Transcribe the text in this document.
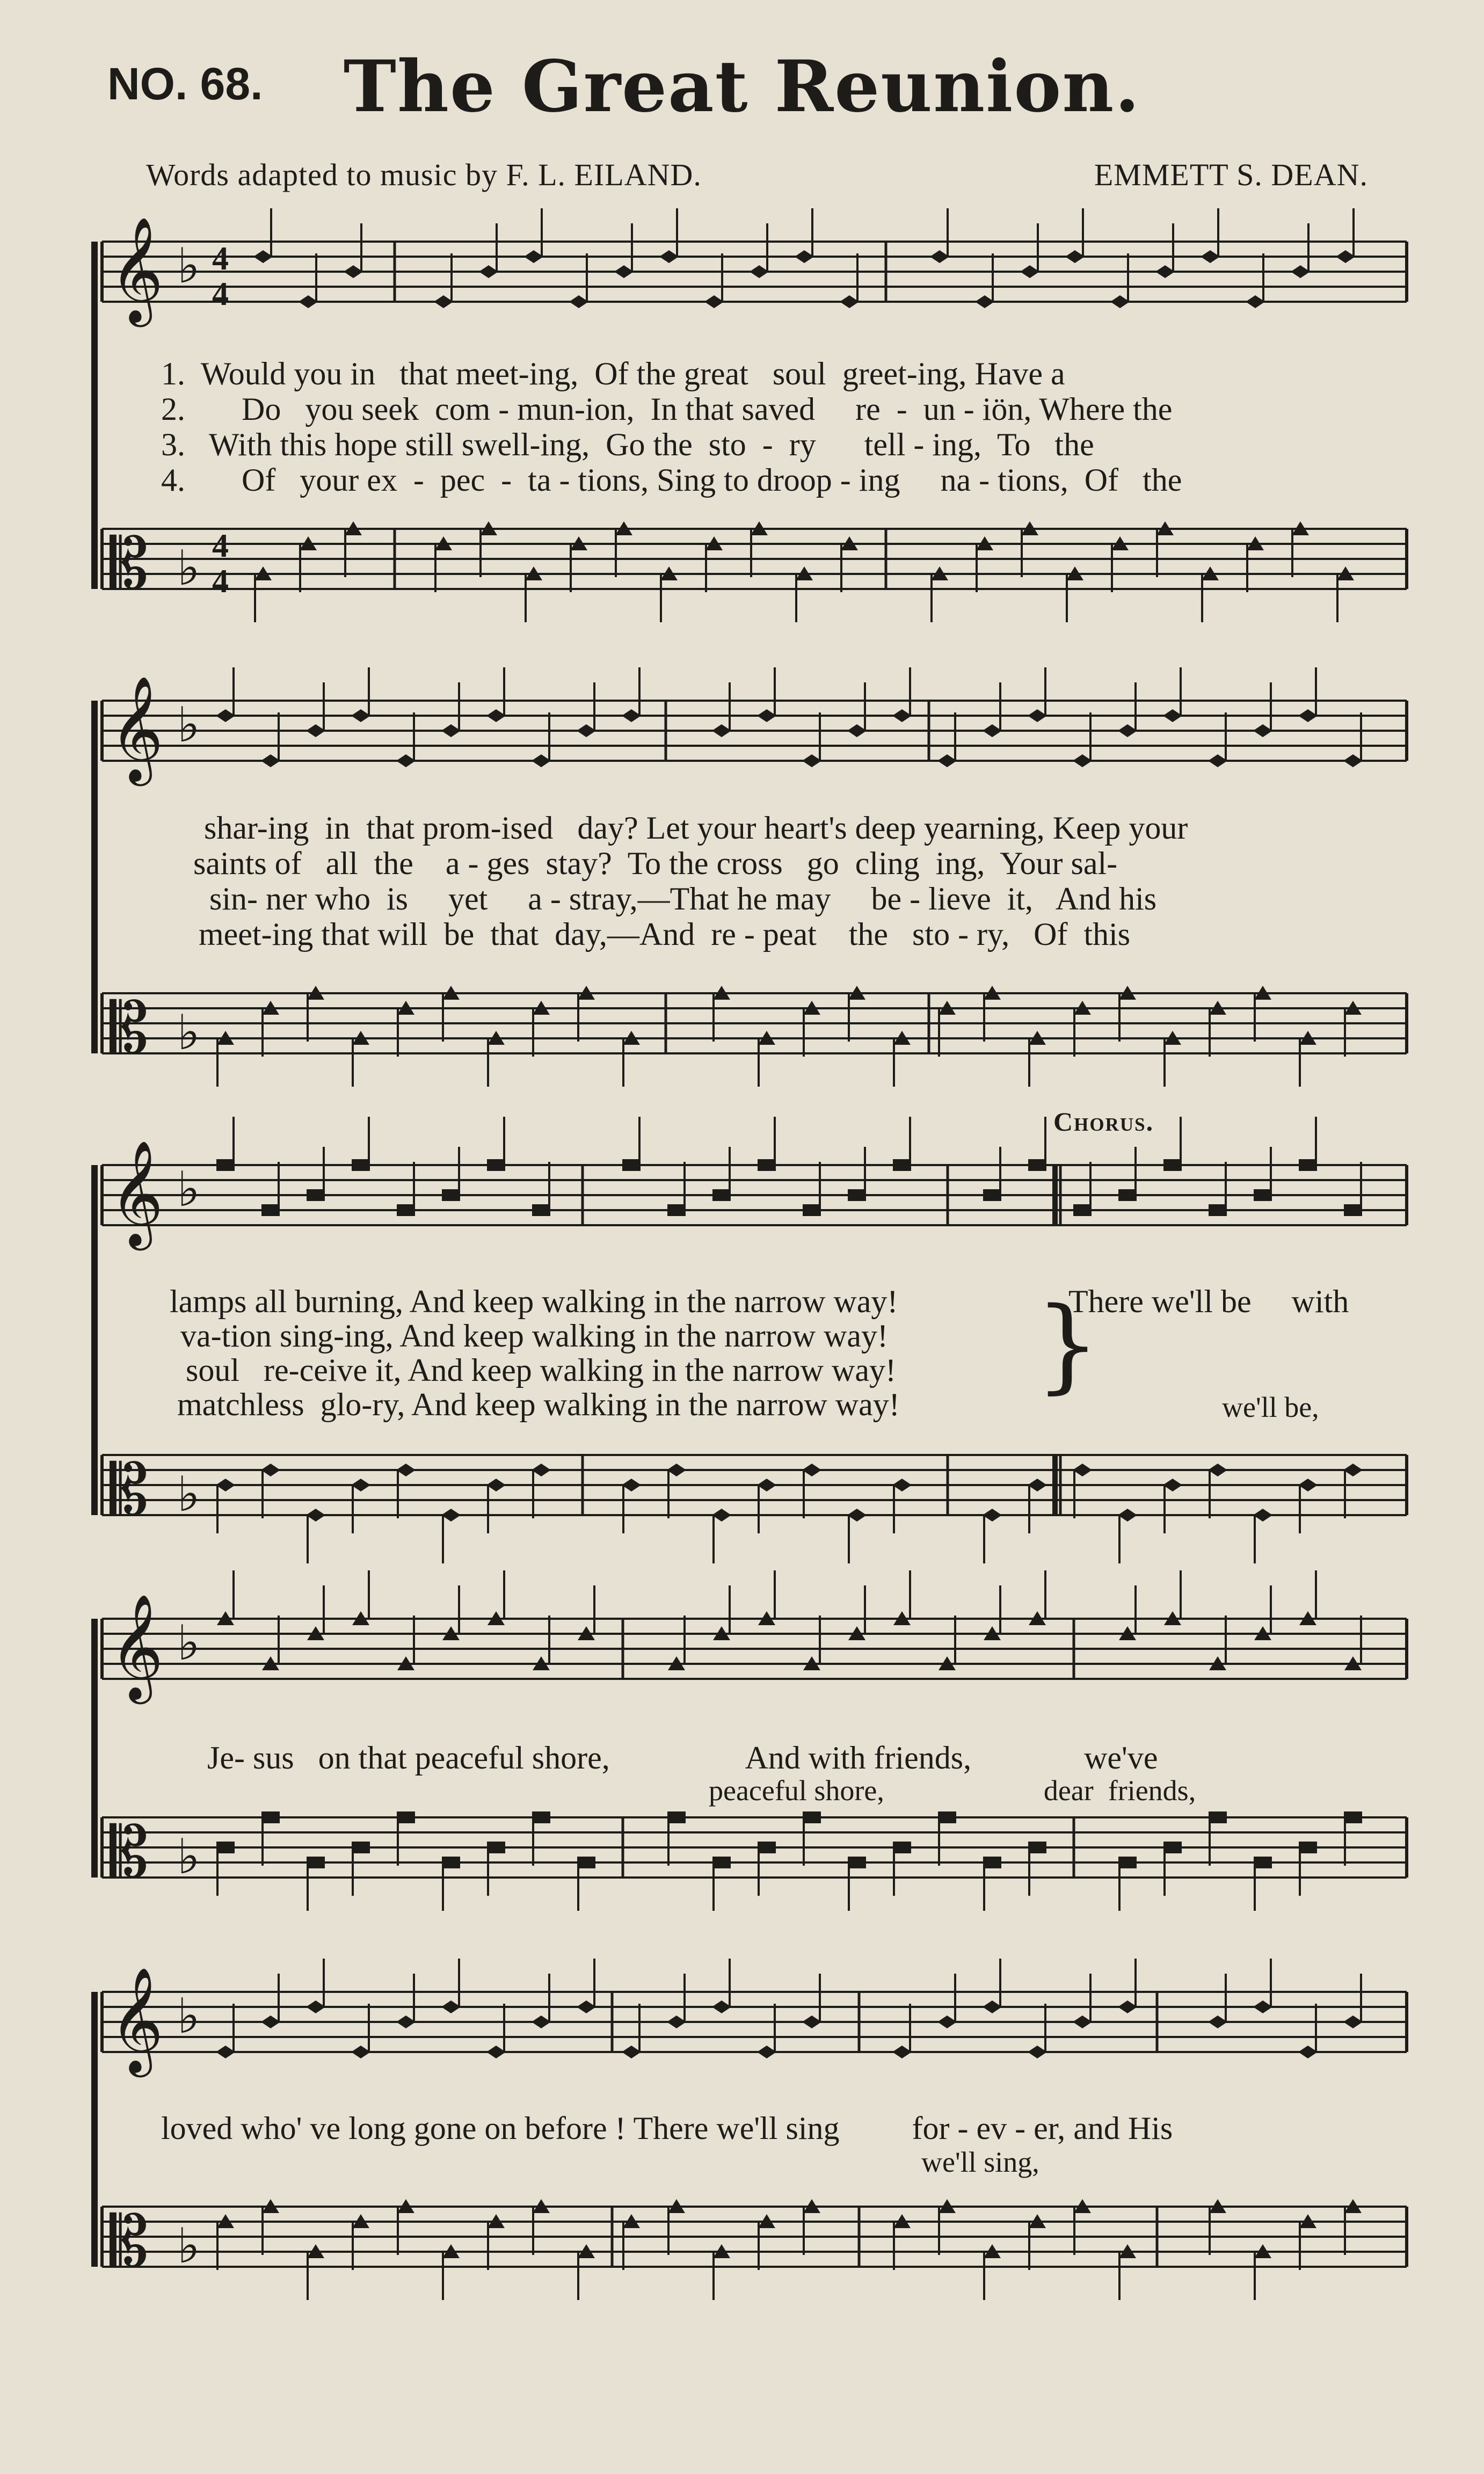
NO. 68.	The Great Reunion.
Words adapted to music by F. L. EILAND.	EMMETT S. DEAN.
𝄞 ♭ 4
4
𝄡 ♭ 4
4
𝄞 ♭
𝄡 ♭
𝄞 ♭
𝄡 ♭
𝄞 ♭
𝄡 ♭
𝄞 ♭
𝄡 ♭
1.  Would you in   that meet-ing,  Of the great   soul  greet-ing, Have a
2.       Do   you seek  com - mun-ion,  In that saved     re  -  un - iön, Where the
3.   With this hope still swell-ing,  Go the  sto  -  ry      tell - ing,  To   the
4.       Of   your ex  -  pec  -  ta - tions, Sing to droop - ing     na - tions,  Of   the
shar-ing  in  that prom-ised   day? Let your heart's deep yearning, Keep your
saints of   all  the    a - ges  stay?  To the cross   go  cling  ing,  Your sal-
sin- ner who  is     yet     a - stray,—That he may     be - lieve  it,   And his
meet-ing that will  be  that  day,—And  re - peat    the   sto - ry,   Of  this
Chorus.
lamps all burning, And keep walking in the narrow way!
va-tion sing-ing, And keep walking in the narrow way!
soul   re-ceive it, And keep walking in the narrow way!
matchless  glo-ry, And keep walking in the narrow way!
}
There we'll be     with
we'll be,
Je- sus   on that peaceful shore,                 And with friends,              we've
peaceful shore,                      dear  friends,
loved who' ve long gone on before ! There we'll sing         for - ev - er, and His
we'll sing,
